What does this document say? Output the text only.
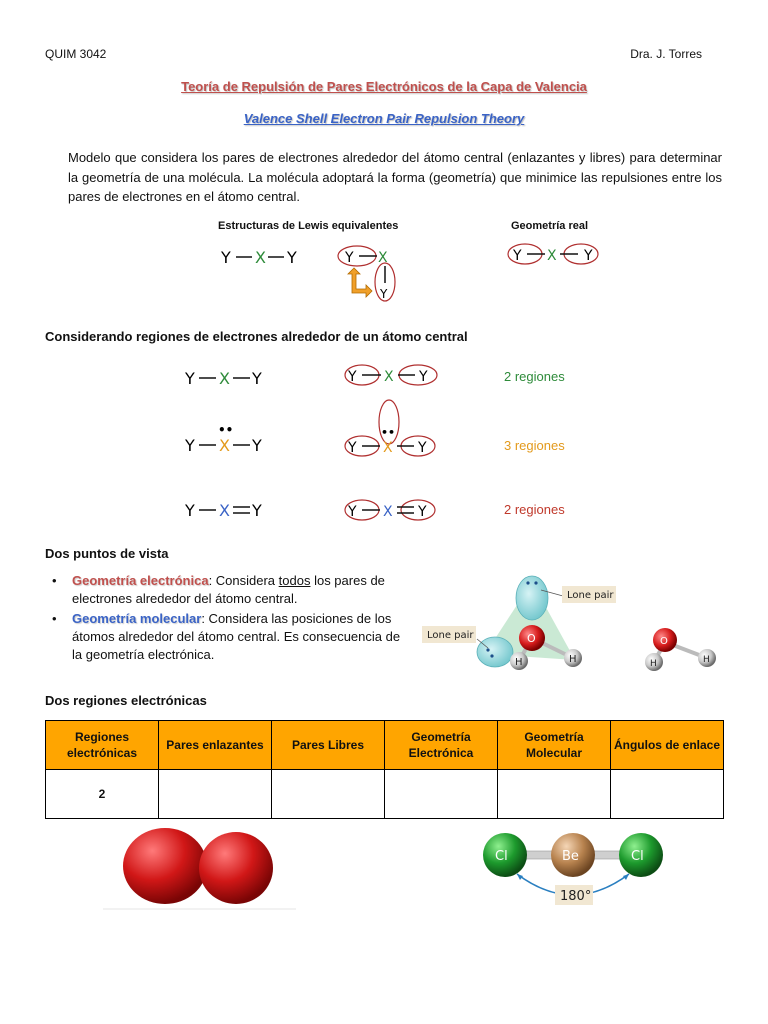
QUIM 3042	Dra. J. Torres
Teoría de Repulsión de Pares Electrónicos de la Capa de Valencia
Valence Shell Electron Pair Repulsion Theory
Modelo que considera los pares de electrones alrededor del átomo central (enlazantes y libres) para determinar la geometría de una molécula. La molécula adoptará la forma (geometría) que minimice las repulsiones entre los pares de electrones en el átomo central.
Estructuras de Lewis equivalentes	Geometría real
Y X Y	Y X
Y
Y X Y
Considerando regiones de electrones alrededor de un átomo central
Y X Y	Y X Y
••
Y X Y
••
Y X Y
Y X Y	Y X Y
2 regiones
3 regiones
2 regiones
Dos puntos de vista
• Geometría electrónica: Considera todos los pares de electrones alrededor del átomo central.
• Geometría molecular: Considera las posiciones de los átomos alrededor del átomo central. Es consecuencia de la geometría electrónica.
O
H	H
Lone pair
Lone pair
O
H	H
Dos regiones electrónicas
Regiones electrónicas	Pares enlazantes	Pares Libres	Geometría Electrónica	Geometría Molecular	Ángulos de enlace
2					
Cl	Be	Cl
180°
